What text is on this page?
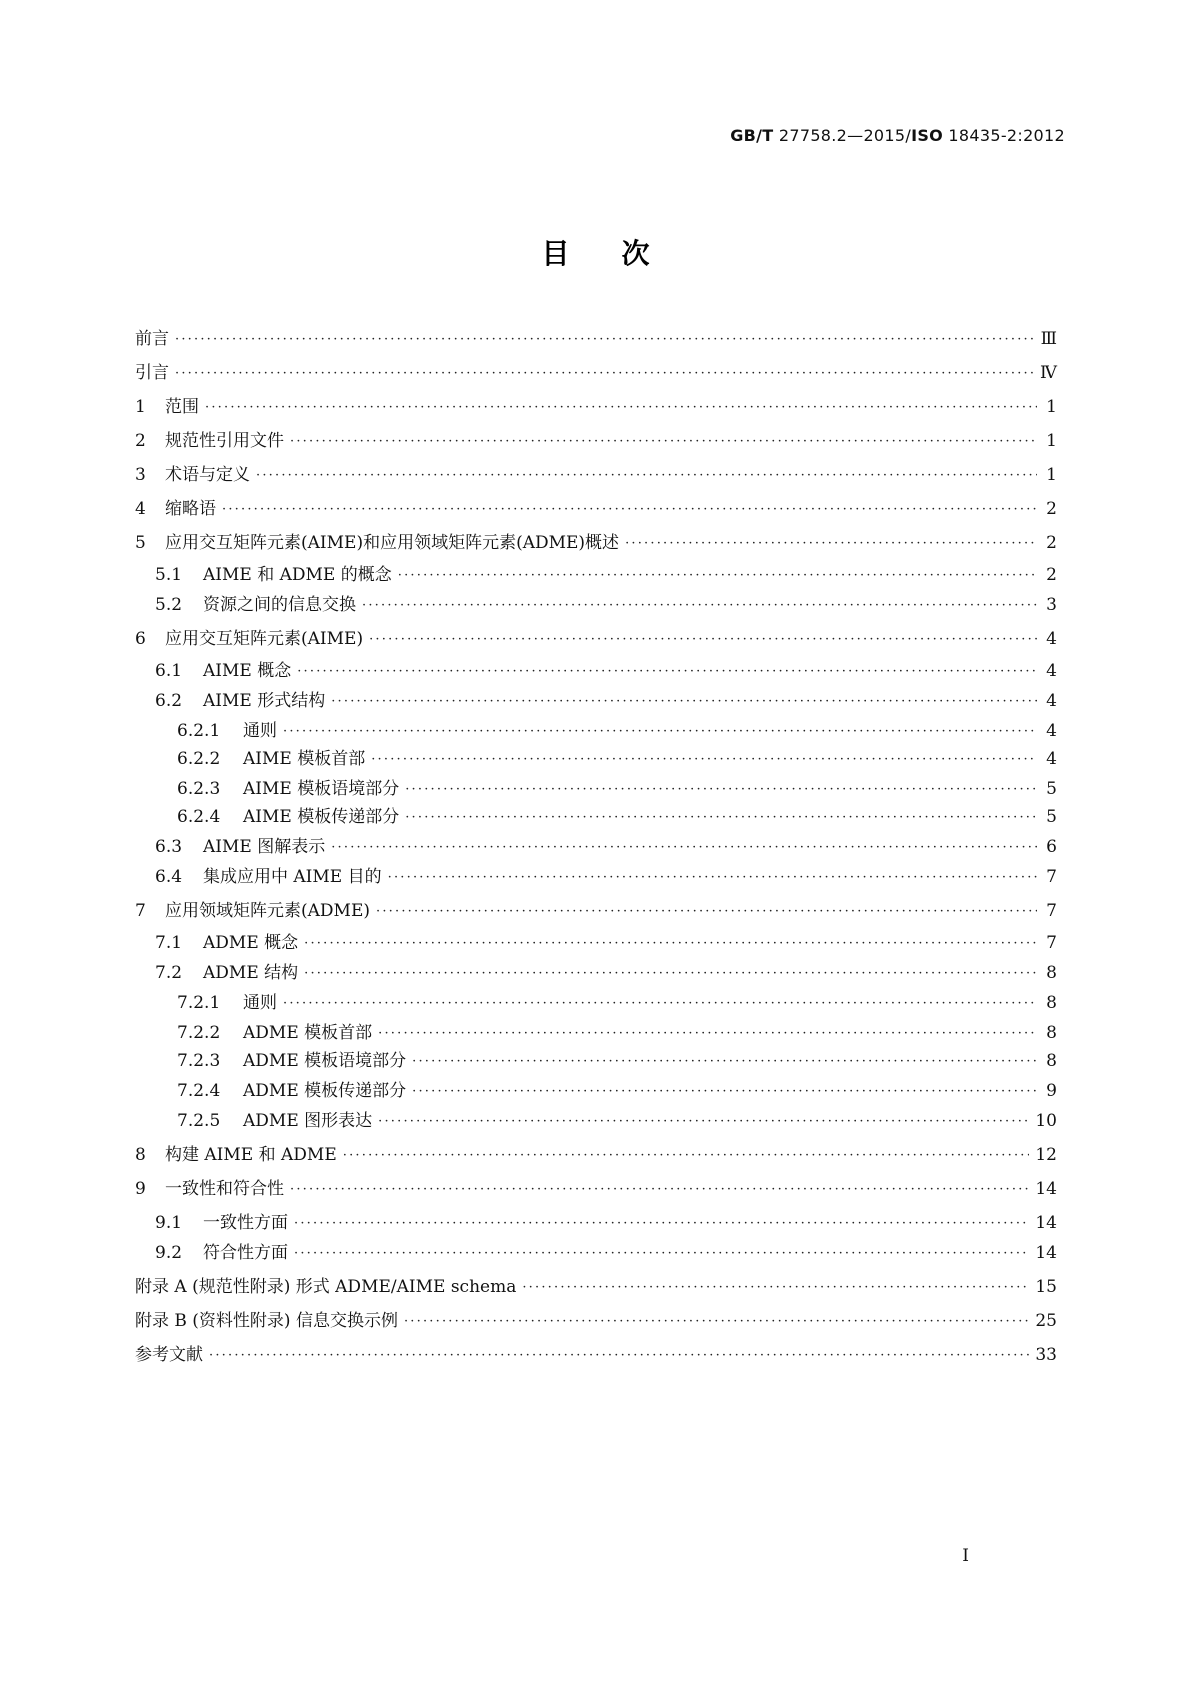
GB/T 27758.2—2015/ISO 18435-2:2012
目次
前言 ·····	Ⅲ
引言 ·····	Ⅳ
1	范围 ·····	1
2	规范性引用文件 ·····	1
3	术语与定义 ·····	1
4	缩略语 ·····	2
5	应用交互矩阵元素(AIME)和应用领域矩阵元素(ADME)概述 ·····	2
5.1	AIME 和 ADME 的概念 ·····	2
5.2	资源之间的信息交换 ·····	3
6	应用交互矩阵元素(AIME) ·····	4
6.1	AIME 概念 ·····	4
6.2	AIME 形式结构 ·····	4
6.2.1	通则 ·····	4
6.2.2	AIME 模板首部 ·····	4
6.2.3	AIME 模板语境部分 ·····	5
6.2.4	AIME 模板传递部分 ·····	5
6.3	AIME 图解表示 ·····	6
6.4	集成应用中 AIME 目的 ·····	7
7	应用领域矩阵元素(ADME) ·····	7
7.1	ADME 概念 ·····	7
7.2	ADME 结构 ·····	8
7.2.1	通则 ·····	8
7.2.2	ADME 模板首部 ·····	8
7.2.3	ADME 模板语境部分 ·····	8
7.2.4	ADME 模板传递部分 ·····	9
7.2.5	ADME 图形表达 ·····	10
8	构建 AIME 和 ADME ·····	12
9	一致性和符合性 ·····	14
9.1	一致性方面 ·····	14
9.2	符合性方面 ·····	14
附录 A (规范性附录) 形式 ADME/AIME schema ·····	15
附录 B (资料性附录) 信息交换示例 ·····	25
参考文献 ·····	33
I
